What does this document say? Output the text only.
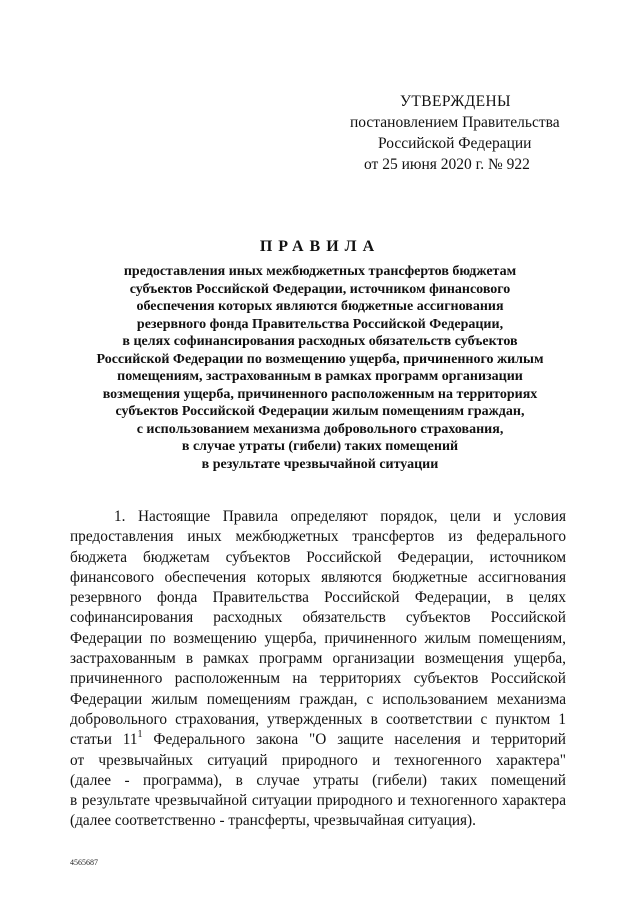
УТВЕРЖДЕНЫ
постановлением Правительства
Российской Федерации
от 25 июня 2020 г. № 922
ПРАВИЛА
предоставления иных межбюджетных трансфертов бюджетам
субъектов Российской Федерации, источником финансового
обеспечения которых являются бюджетные ассигнования
резервного фонда Правительства Российской Федерации,
в целях софинансирования расходных обязательств субъектов
Российской Федерации по возмещению ущерба, причиненного жилым
помещениям, застрахованным в рамках программ организации
возмещения ущерба, причиненного расположенным на территориях
субъектов Российской Федерации жилым помещениям граждан,
с использованием механизма добровольного страхования,
в случае утраты (гибели) таких помещений
в результате чрезвычайной ситуации
1. Настоящие Правила определяют порядок, цели и условия
предоставления иных межбюджетных трансфертов из федерального
бюджета бюджетам субъектов Российской Федерации, источником
финансового обеспечения которых являются бюджетные ассигнования
резервного фонда Правительства Российской Федерации, в целях
софинансирования расходных обязательств субъектов Российской
Федерации по возмещению ущерба, причиненного жилым помещениям,
застрахованным в рамках программ организации возмещения ущерба,
причиненного расположенным на территориях субъектов Российской
Федерации жилым помещениям граждан, с использованием механизма
добровольного страхования, утвержденных в соответствии с пунктом 1
статьи $11^1$ Федерального закона "О защите населения и территорий
от чрезвычайных ситуаций природного и техногенного характера"
(далее - программа), в случае утраты (гибели) таких помещений
в результате чрезвычайной ситуации природного и техногенного характера
(далее соответственно - трансферты, чрезвычайная ситуация).
4565687
